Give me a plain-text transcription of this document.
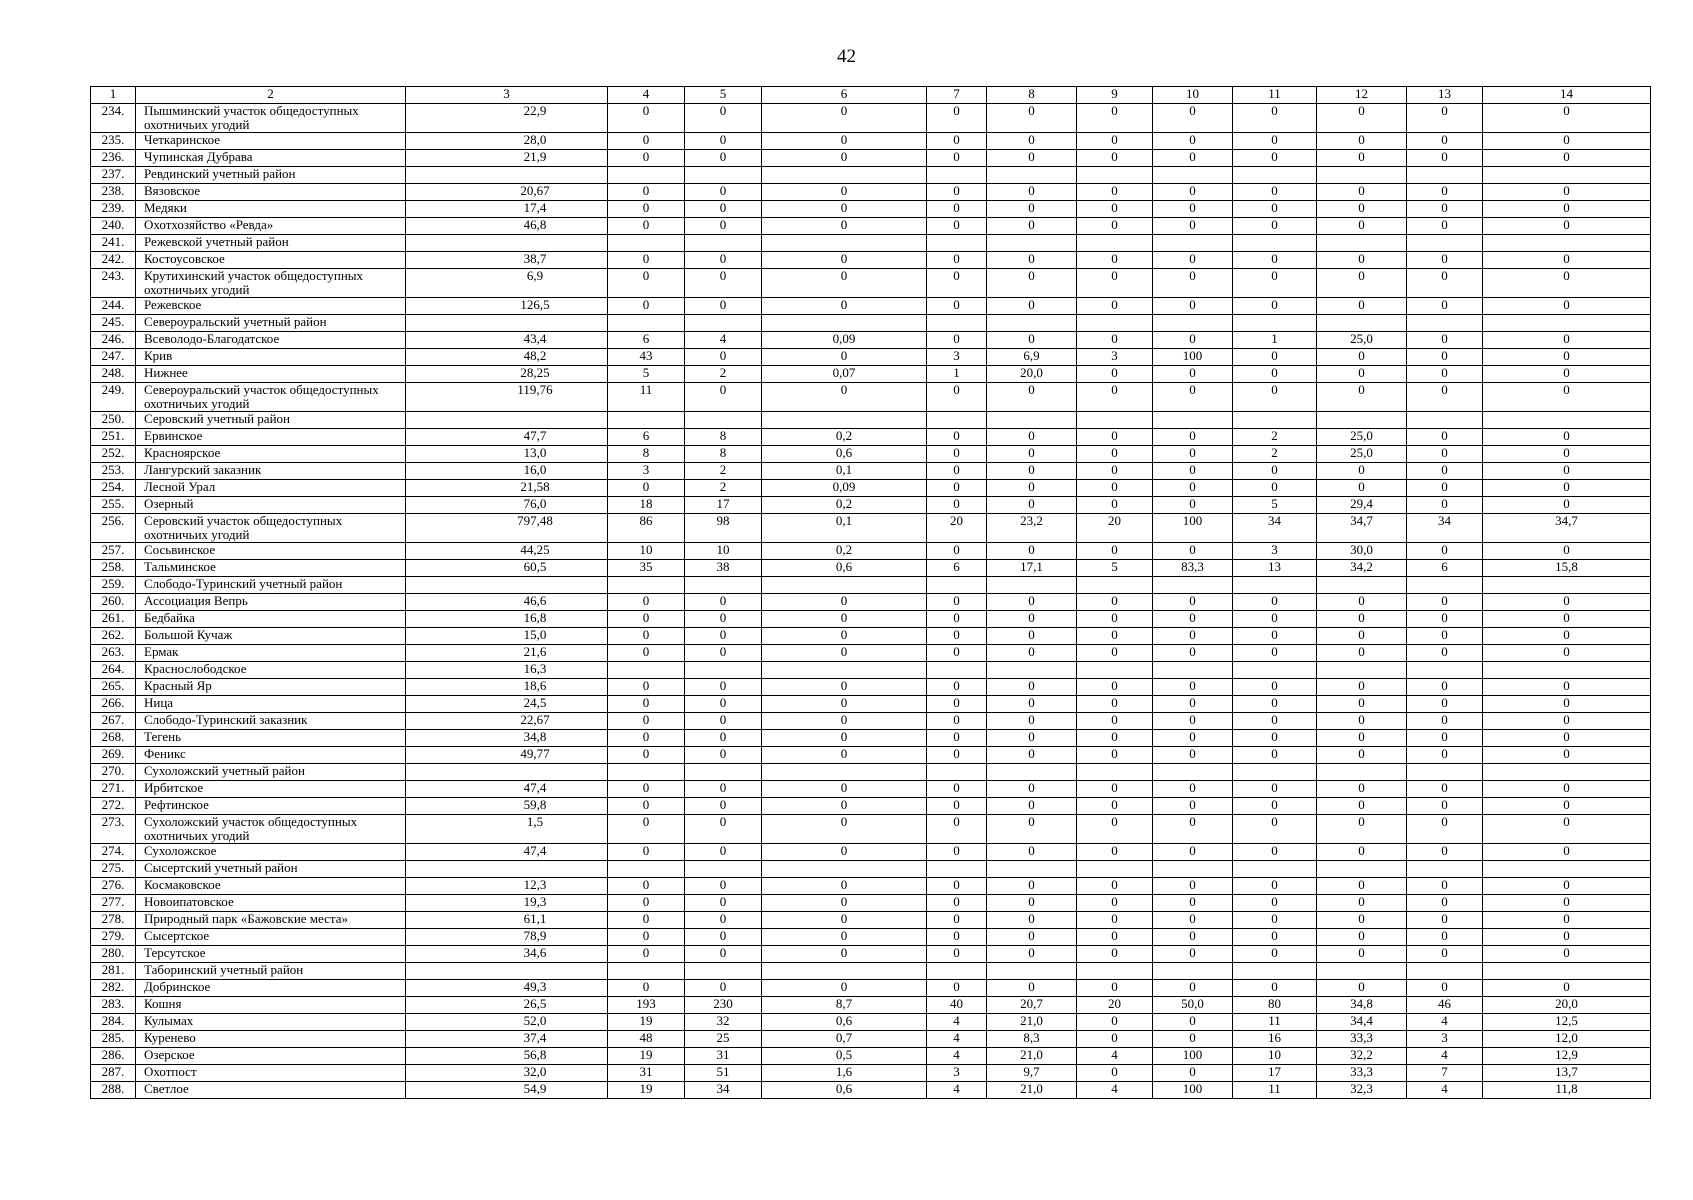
42
1	2	3	4	5	6	7	8	9	10	11	12	13	14
234.	Пышминский участок общедоступных охотничьих угодий	22,9	0	0	0	0	0	0	0	0	0	0	0
235.	Четкаринское	28,0	0	0	0	0	0	0	0	0	0	0	0
236.	Чупинская Дубрава	21,9	0	0	0	0	0	0	0	0	0	0	0
237.	Ревдинский учетный район												
238.	Вязовское	20,67	0	0	0	0	0	0	0	0	0	0	0
239.	Медяки	17,4	0	0	0	0	0	0	0	0	0	0	0
240.	Охотхозяйство «Ревда»	46,8	0	0	0	0	0	0	0	0	0	0	0
241.	Режевской учетный район												
242.	Костоусовское	38,7	0	0	0	0	0	0	0	0	0	0	0
243.	Крутихинский участок общедоступных охотничьих угодий	6,9	0	0	0	0	0	0	0	0	0	0	0
244.	Режевское	126,5	0	0	0	0	0	0	0	0	0	0	0
245.	Североуральский учетный район												
246.	Всеволодо-Благодатское	43,4	6	4	0,09	0	0	0	0	1	25,0	0	0
247.	Крив	48,2	43	0	0	3	6,9	3	100	0	0	0	0
248.	Нижнее	28,25	5	2	0,07	1	20,0	0	0	0	0	0	0
249.	Североуральский участок общедоступных охотничьих угодий	119,76	11	0	0	0	0	0	0	0	0	0	0
250.	Серовский учетный район												
251.	Ервинское	47,7	6	8	0,2	0	0	0	0	2	25,0	0	0
252.	Красноярское	13,0	8	8	0,6	0	0	0	0	2	25,0	0	0
253.	Лангурский заказник	16,0	3	2	0,1	0	0	0	0	0	0	0	0
254.	Лесной Урал	21,58	0	2	0,09	0	0	0	0	0	0	0	0
255.	Озерный	76,0	18	17	0,2	0	0	0	0	5	29,4	0	0
256.	Серовский участок общедоступных охотничьих угодий	797,48	86	98	0,1	20	23,2	20	100	34	34,7	34	34,7
257.	Сосьвинское	44,25	10	10	0,2	0	0	0	0	3	30,0	0	0
258.	Тальминское	60,5	35	38	0,6	6	17,1	5	83,3	13	34,2	6	15,8
259.	Слободо-Туринский учетный район												
260.	Ассоциация Вепрь	46,6	0	0	0	0	0	0	0	0	0	0	0
261.	Бедбайка	16,8	0	0	0	0	0	0	0	0	0	0	0
262.	Большой Кучаж	15,0	0	0	0	0	0	0	0	0	0	0	0
263.	Ермак	21,6	0	0	0	0	0	0	0	0	0	0	0
264.	Краснослободское	16,3											
265.	Красный Яр	18,6	0	0	0	0	0	0	0	0	0	0	0
266.	Ница	24,5	0	0	0	0	0	0	0	0	0	0	0
267.	Слободо-Туринский заказник	22,67	0	0	0	0	0	0	0	0	0	0	0
268.	Тегень	34,8	0	0	0	0	0	0	0	0	0	0	0
269.	Феникс	49,77	0	0	0	0	0	0	0	0	0	0	0
270.	Сухоложский учетный район												
271.	Ирбитское	47,4	0	0	0	0	0	0	0	0	0	0	0
272.	Рефтинское	59,8	0	0	0	0	0	0	0	0	0	0	0
273.	Сухоложский участок общедоступных охотничьих угодий	1,5	0	0	0	0	0	0	0	0	0	0	0
274.	Сухоложское	47,4	0	0	0	0	0	0	0	0	0	0	0
275.	Сысертский учетный район												
276.	Космаковское	12,3	0	0	0	0	0	0	0	0	0	0	0
277.	Новоипатовское	19,3	0	0	0	0	0	0	0	0	0	0	0
278.	Природный парк «Бажовские места»	61,1	0	0	0	0	0	0	0	0	0	0	0
279.	Сысертское	78,9	0	0	0	0	0	0	0	0	0	0	0
280.	Терсутское	34,6	0	0	0	0	0	0	0	0	0	0	0
281.	Таборинский учетный район												
282.	Добринское	49,3	0	0	0	0	0	0	0	0	0	0	0
283.	Кошня	26,5	193	230	8,7	40	20,7	20	50,0	80	34,8	46	20,0
284.	Кулымах	52,0	19	32	0,6	4	21,0	0	0	11	34,4	4	12,5
285.	Куренево	37,4	48	25	0,7	4	8,3	0	0	16	33,3	3	12,0
286.	Озерское	56,8	19	31	0,5	4	21,0	4	100	10	32,2	4	12,9
287.	Охотпост	32,0	31	51	1,6	3	9,7	0	0	17	33,3	7	13,7
288.	Светлое	54,9	19	34	0,6	4	21,0	4	100	11	32,3	4	11,8
